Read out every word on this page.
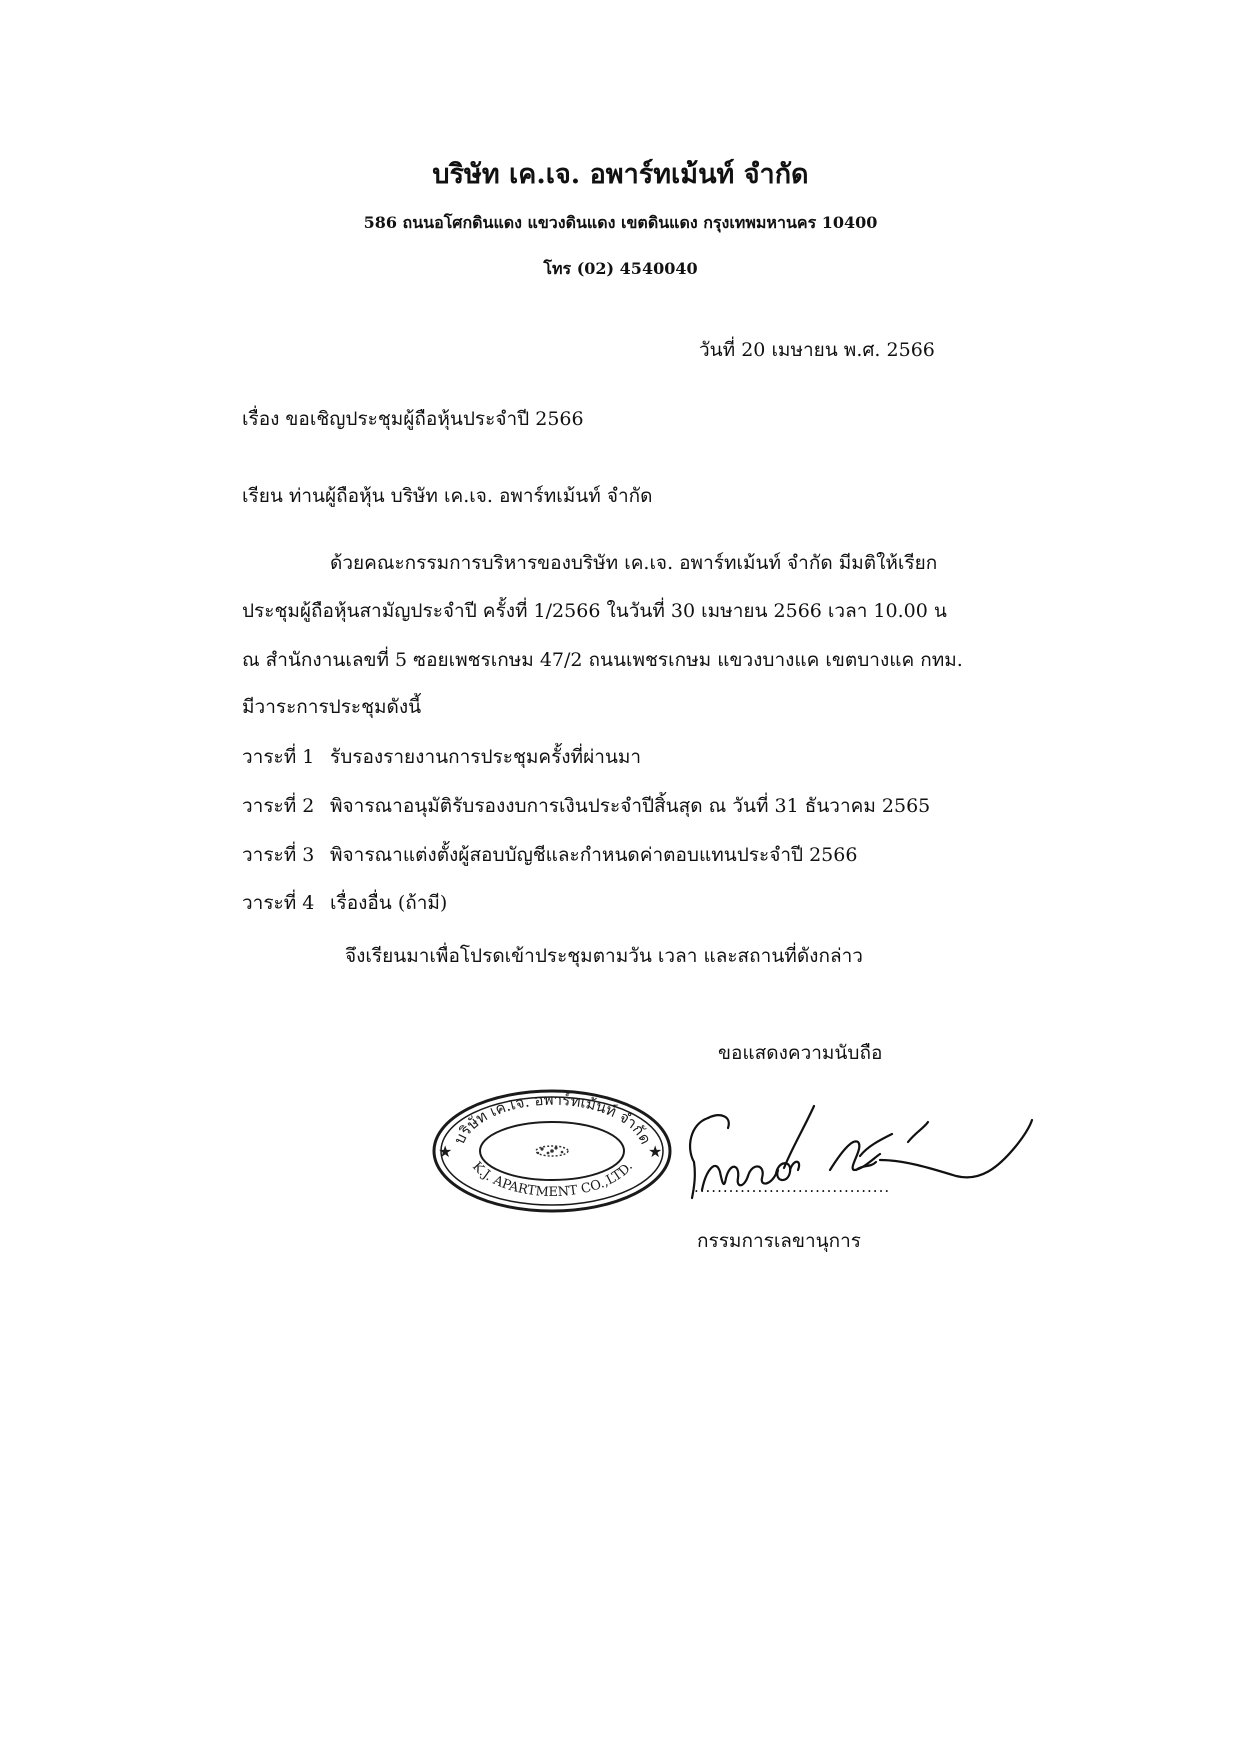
บริษัท เค.เจ. อพาร์ทเม้นท์ จำกัด
586 ถนนอโศกดินแดง แขวงดินแดง เขตดินแดง กรุงเทพมหานคร 10400
โทร (02) 4540040
วันที่ 20 เมษายน พ.ศ. 2566
เรื่อง ขอเชิญประชุมผู้ถือหุ้นประจำปี 2566
เรียน ท่านผู้ถือหุ้น บริษัท เค.เจ. อพาร์ทเม้นท์ จำกัด
ด้วยคณะกรรมการบริหารของบริษัท เค.เจ. อพาร์ทเม้นท์ จำกัด มีมติให้เรียก
ประชุมผู้ถือหุ้นสามัญประจำปี ครั้งที่ 1/2566 ในวันที่ 30 เมษายน 2566 เวลา 10.00 น
ณ สำนักงานเลขที่ 5 ซอยเพชรเกษม 47/2 ถนนเพชรเกษม แขวงบางแค เขตบางแค กทม.
มีวาระการประชุมดังนี้
วาระที่ 1 รับรองรายงานการประชุมครั้งที่ผ่านมา
วาระที่ 2 พิจารณาอนุมัติรับรองงบการเงินประจำปีสิ้นสุด ณ วันที่ 31 ธันวาคม 2565
วาระที่ 3 พิจารณาแต่งตั้งผู้สอบบัญชีและกำหนดค่าตอบแทนประจำปี 2566
วาระที่ 4 เรื่องอื่น (ถ้ามี)
จึงเรียนมาเพื่อโปรดเข้าประชุมตามวัน เวลา และสถานที่ดังกล่าว
ขอแสดงความนับถือ
บริษัท เค.เจ. อพาร์ทเม้นท์ จำกัด
K.J. APARTMENT CO.,LTD.
★	★
..................................
กรรมการเลขานุการ
